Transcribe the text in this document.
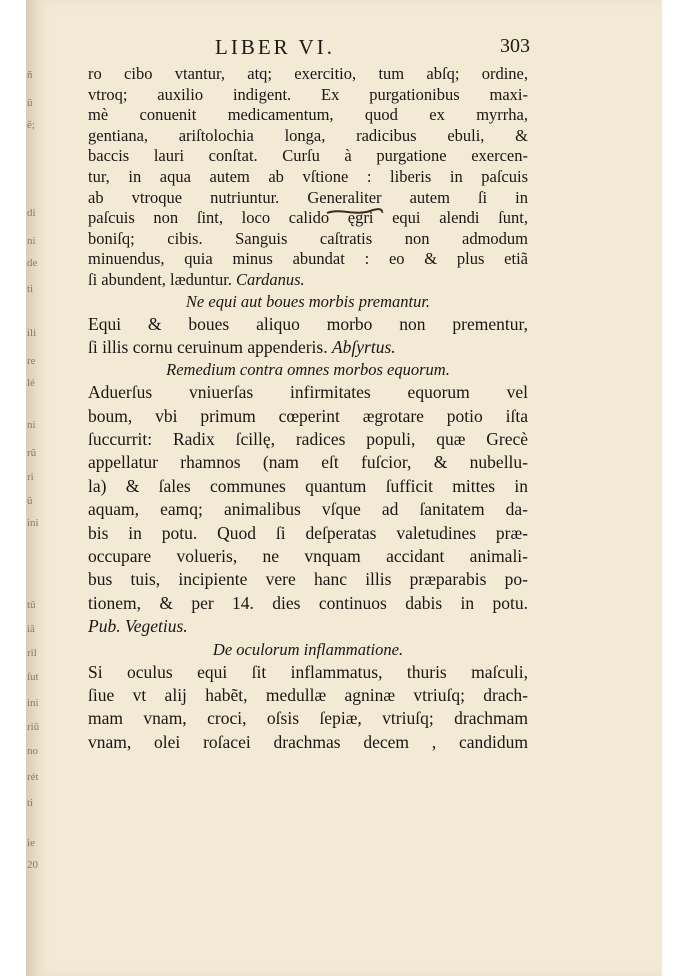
ñ
ũ
ẽ;
di
ni
de
ti
ili
re
lé
ni
rũ
ri
ũ
ini
tũ
iã
ril
ſut
ini
riũ
no
rét
ti
ie
20
LIBER VI.	303
ro cibo vtantur, atq; exercitio, tum abſq; ordine,
vtroq; auxilio indigent. Ex purgationibus maxi-
mè conuenit medicamentum, quod ex myrrha,
gentiana, ariſtolochia longa, radicibus ebuli, &
baccis lauri conſtat. Curſu à purgatione exercen-
tur, in aqua autem ab vſtione : liberis in paſcuis
ab vtroque nutriuntur. Generaliter autem ſi in
paſcuis non ſint, loco calido ęgri equi alendi ſunt,
boniſq; cibis. Sanguis caſtratis non admodum
minuendus, quia minus abundat : eo & plus etiã
ſi abundent, læduntur. Cardanus.
Ne equi aut boues morbis premantur.
Equi & boues aliquo morbo non prementur,
ſi illis cornu ceruinum appenderis. Abſyrtus.
Remedium contra omnes morbos equorum.
Aduerſus vniuerſas infirmitates equorum vel
boum, vbi primum cœperint ægrotare potio iſta
ſuccurrit: Radix ſcillę, radices populi, quæ Grecè
appellatur rhamnos (nam eſt fuſcior, & nubellu-
la) & ſales communes quantum ſufficit mittes in
aquam, eamq; animalibus vſque ad ſanitatem da-
bis in potu. Quod ſi deſperatas valetudines præ-
occupare volueris, ne vnquam accidant animali-
bus tuis, incipiente vere hanc illis præparabis po-
tionem, & per 14. dies continuos dabis in potu.
Pub. Vegetius.
De oculorum inflammatione.
Si oculus equi ſit inflammatus, thuris maſculi,
ſiue vt alij habẽt, medullæ agninæ vtriuſq; drach-
mam vnam, croci, oſsis ſepiæ, vtriuſq; drachmam
vnam, olei roſacei drachmas decem , candidum
